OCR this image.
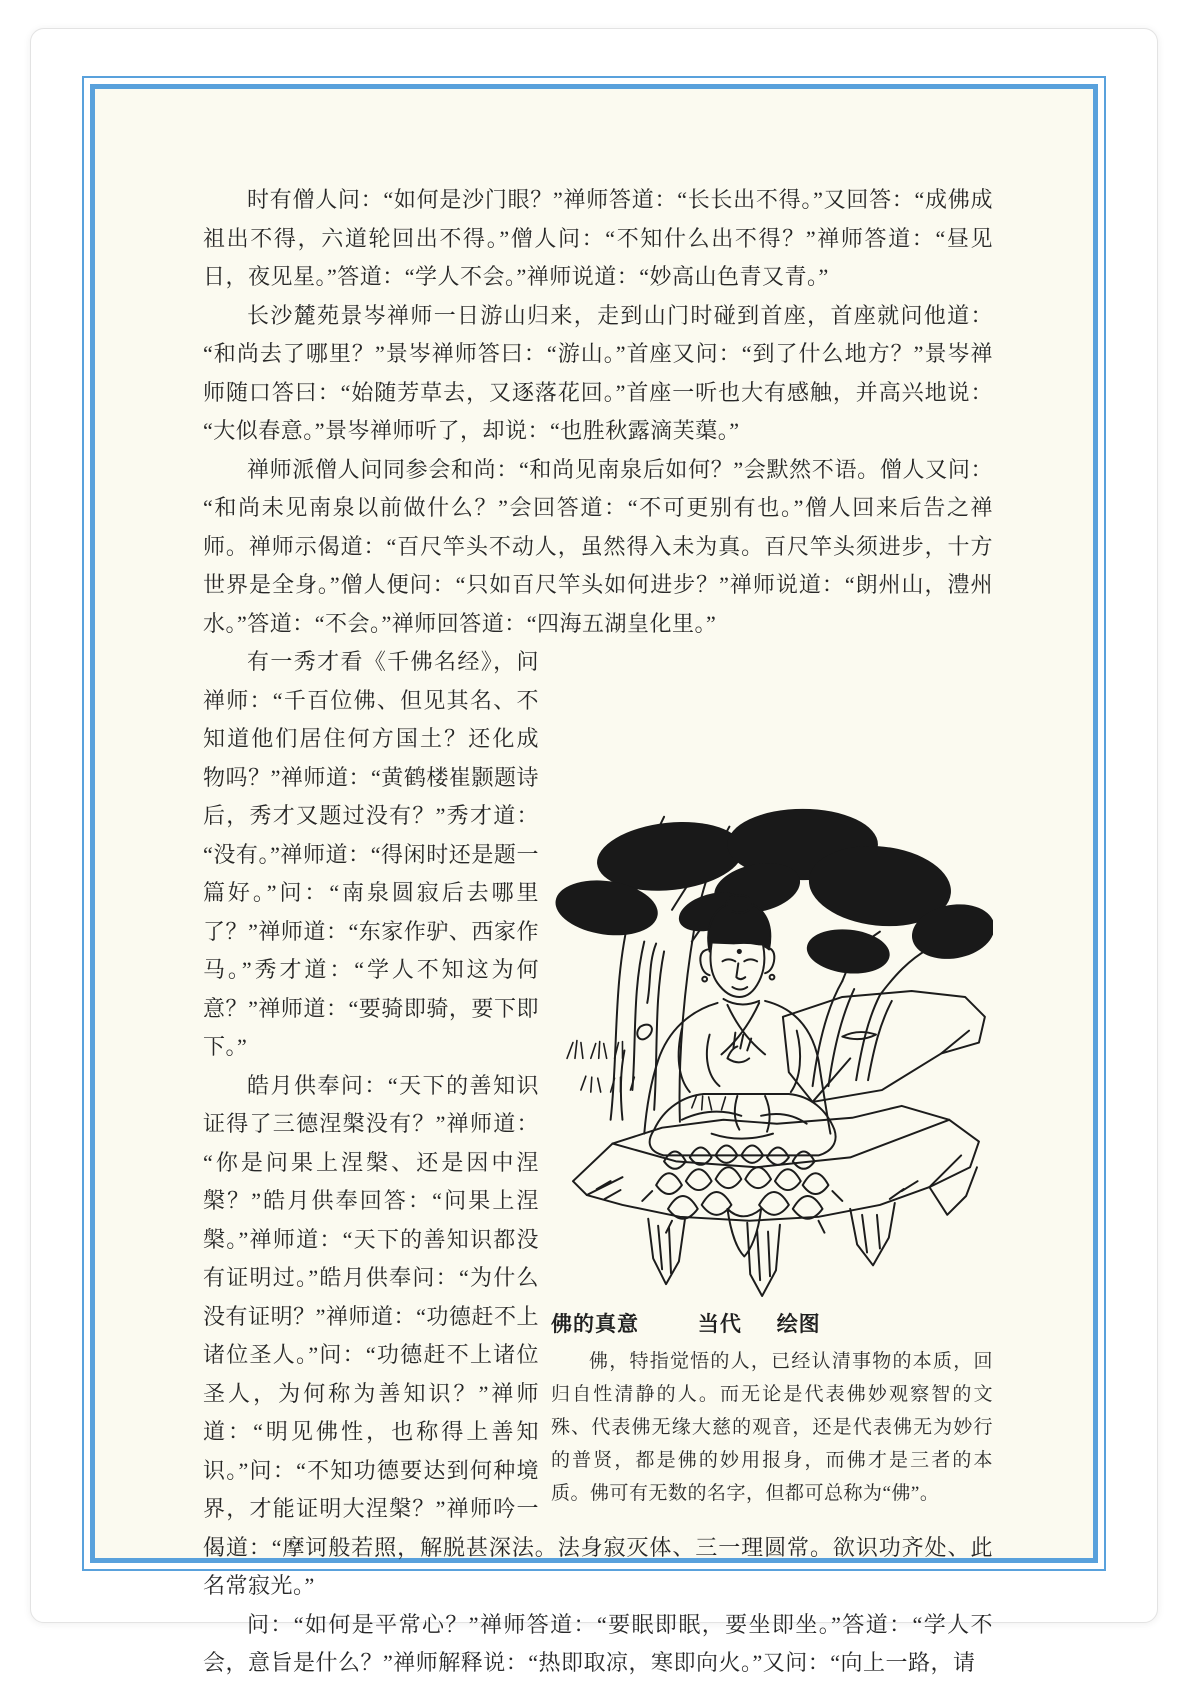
时有僧人问：“如何是沙门眼？”禅师答道：“长长出不得。”又回答：“成佛成祖出不得，六道轮回出不得。”僧人问：“不知什么出不得？”禅师答道：“昼见日，夜见星。”答道：“学人不会。”禅师说道：“妙高山色青又青。”

长沙麓苑景岑禅师一日游山归来，走到山门时碰到首座，首座就问他道：“和尚去了哪里？”景岑禅师答曰：“游山。”首座又问：“到了什么地方？”景岑禅师随口答曰：“始随芳草去，又逐落花回。”首座一听也大有感触，并高兴地说：“大似春意。”景岑禅师听了，却说：“也胜秋露滴芙蕖。”

禅师派僧人问同参会和尚：“和尚见南泉后如何？”会默然不语。僧人又问：“和尚未见南泉以前做什么？”会回答道：“不可更别有也。”僧人回来后告之禅师。禅师示偈道：“百尺竿头不动人，虽然得入未为真。百尺竿头须进步，十方世界是全身。”僧人便问：“只如百尺竿头如何进步？”禅师说道：“朗州山，澧州水。”答道：“不会。”禅师回答道：“四海五湖皇化里。”

佛的真意	当代 绘图

佛，特指觉悟的人，已经认清事物的本质，回归自性清静的人。而无论是代表佛妙观察智的文殊、代表佛无缘大慈的观音，还是代表佛无为妙行的普贤，都是佛的妙用报身，而佛才是三者的本质。佛可有无数的名字，但都可总称为“佛”。

有一秀才看《千佛名经》，问禅师：“千百位佛、但见其名、不知道他们居住何方国土？还化成物吗？”禅师道：“黄鹤楼崔颢题诗后，秀才又题过没有？”秀才道：“没有。”禅师道：“得闲时还是题一篇好。”问：“南泉圆寂后去哪里了？”禅师道：“东家作驴、西家作马。”秀才道：“学人不知这为何意？”禅师道：“要骑即骑，要下即下。”

皓月供奉问：“天下的善知识证得了三德涅槃没有？”禅师道：“你是问果上涅槃、还是因中涅槃？”皓月供奉回答：“问果上涅槃。”禅师道：“天下的善知识都没有证明过。”皓月供奉问：“为什么没有证明？”禅师道：“功德赶不上诸位圣人。”问：“功德赶不上诸位圣人，为何称为善知识？”禅师道：“明见佛性，也称得上善知识。”问：“不知功德要达到何种境界，才能证明大涅槃？”禅师吟一偈道：“摩诃般若照，解脱甚深法。法身寂灭体、三一理圆常。欲识功齐处、此名常寂光。”

问：“如何是平常心？”禅师答道：“要眠即眠，要坐即坐。”答道：“学人不会，意旨是什么？”禅师解释说：“热即取凉，寒即向火。”又问：“向上一路，请
